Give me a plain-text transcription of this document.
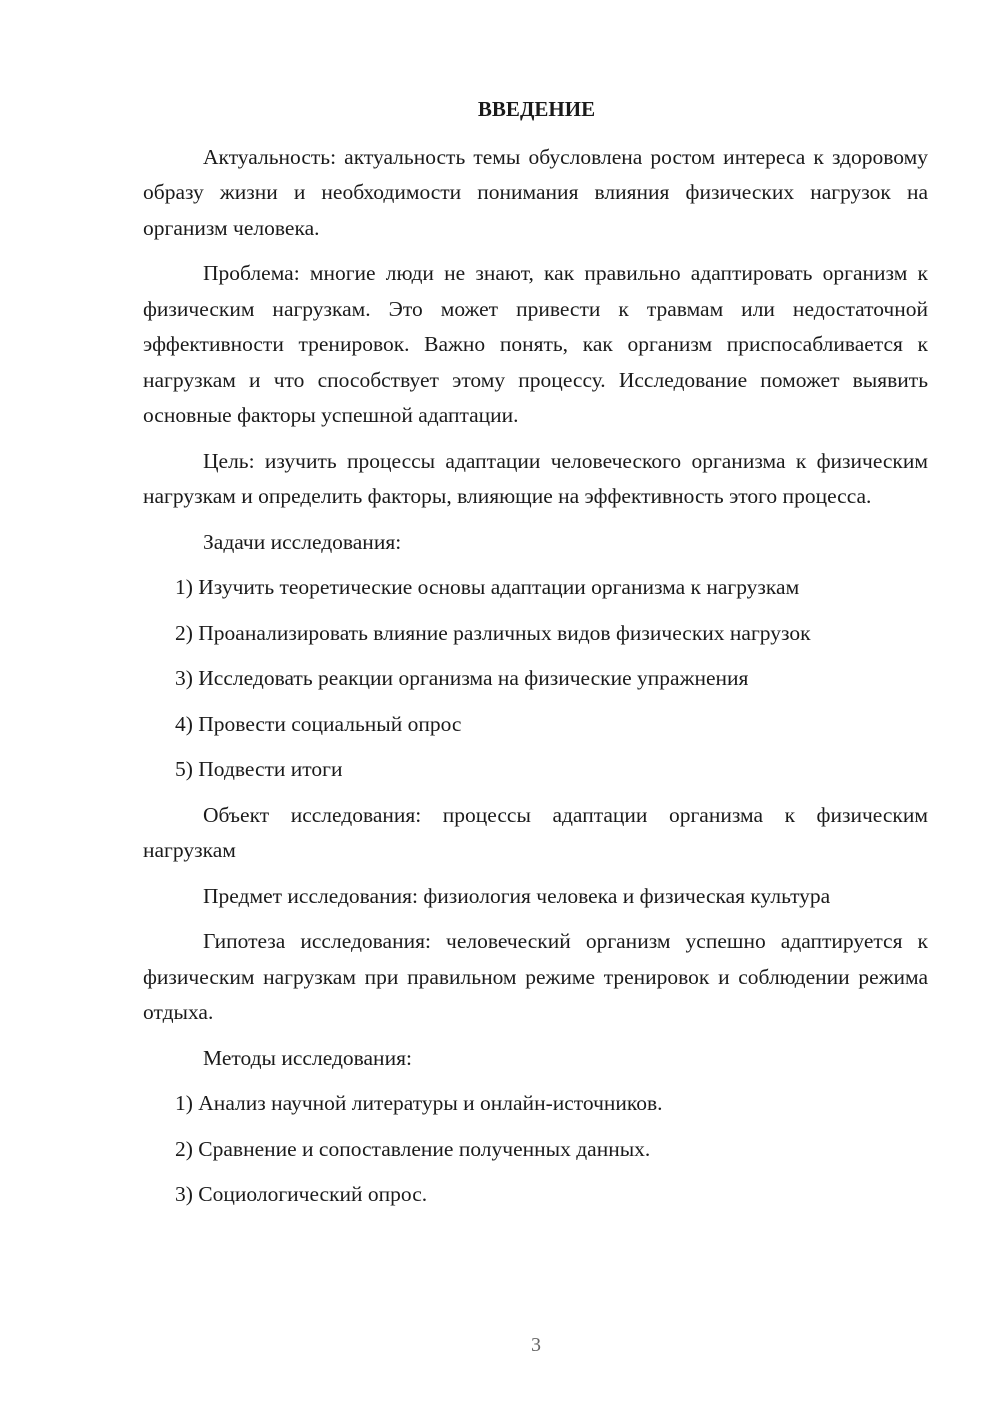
ВВЕДЕНИЕ

Актуальность: актуальность темы обусловлена ростом интереса к здоровому образу жизни и необходимости понимания влияния физических нагрузок на организм человека.

Проблема: многие люди не знают, как правильно адаптировать организм к физическим нагрузкам. Это может привести к травмам или недостаточной эффективности тренировок. Важно понять, как организм приспосабливается к нагрузкам и что способствует этому процессу. Исследование поможет выявить основные факторы успешной адаптации.

Цель: изучить процессы адаптации человеческого организма к физическим нагрузкам и определить факторы, влияющие на эффективность этого процесса.

Задачи исследования:
1) Изучить теоретические основы адаптации организма к нагрузкам
2) Проанализировать влияние различных видов физических нагрузок
3) Исследовать реакции организма на физические упражнения
4) Провести социальный опрос
5) Подвести итоги

Объект исследования: процессы адаптации организма к физическим нагрузкам

Предмет исследования: физиология человека и физическая культура

Гипотеза исследования: человеческий организм успешно адаптируется к физическим нагрузкам при правильном режиме тренировок и соблюдении режима отдыха.

Методы исследования:
1) Анализ научной литературы и онлайн-источников.
2) Сравнение и сопоставление полученных данных.
3) Социологический опрос.
3
